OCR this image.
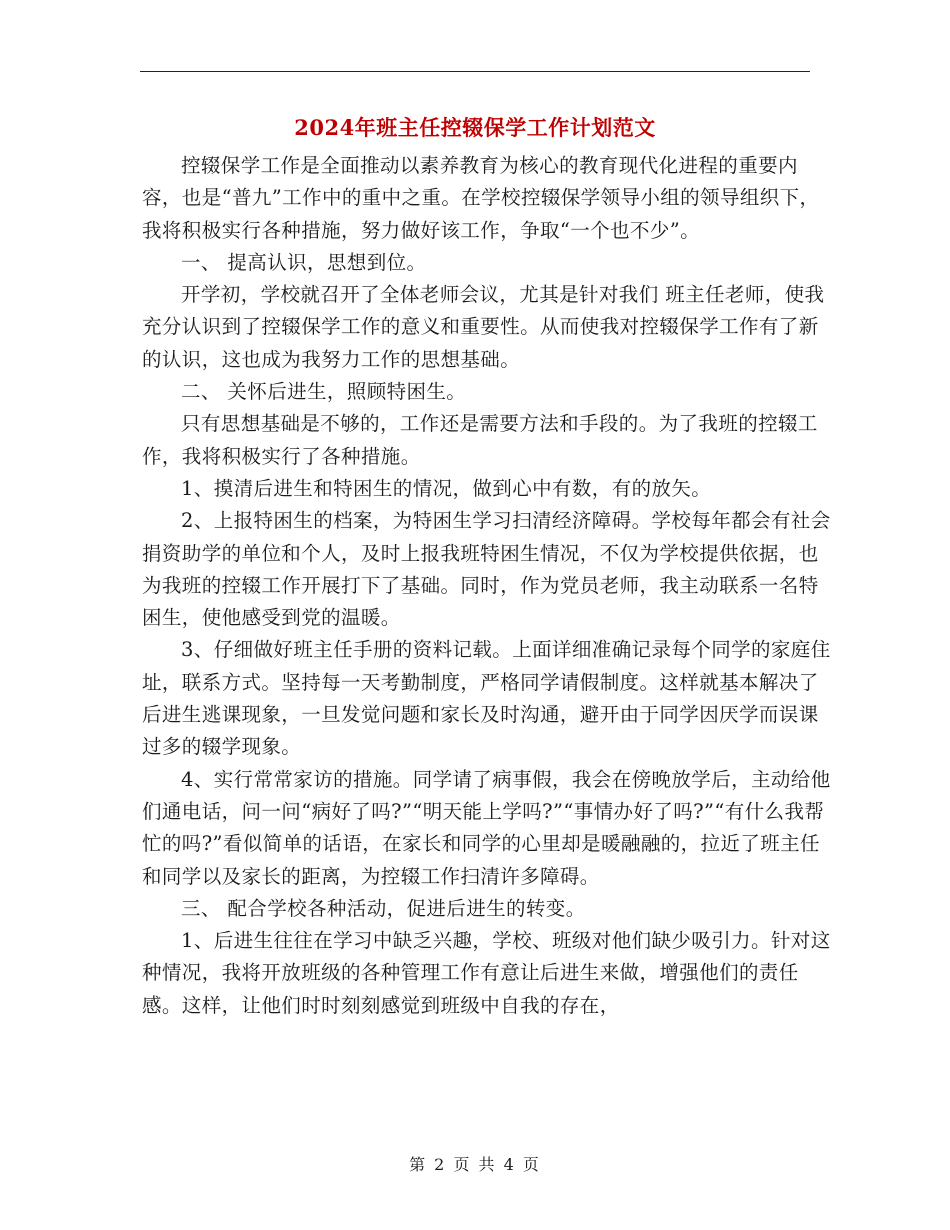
2024年班主任控辍保学工作计划范文

控辍保学工作是全面推动以素养教育为核心的教育现代化进程的重要内容，也是“普九”工作中的重中之重。在学校控辍保学领导小组的领导组织下，我将积极实行各种措施，努力做好该工作，争取“一个也不少”。

一、 提高认识，思想到位。

开学初，学校就召开了全体老师会议，尤其是针对我们 班主任老师，使我充分认识到了控辍保学工作的意义和重要性。从而使我对控辍保学工作有了新的认识，这也成为我努力工作的思想基础。

二、 关怀后进生，照顾特困生。

只有思想基础是不够的，工作还是需要方法和手段的。为了我班的控辍工作，我将积极实行了各种措施。

1、摸清后进生和特困生的情况，做到心中有数，有的放矢。

2、上报特困生的档案，为特困生学习扫清经济障碍。学校每年都会有社会捐资助学的单位和个人，及时上报我班特困生情况，不仅为学校提供依据，也为我班的控辍工作开展打下了基础。同时，作为党员老师，我主动联系一名特困生，使他感受到党的温暖。

3、仔细做好班主任手册的资料记载。上面详细准确记录每个同学的家庭住址，联系方式。坚持每一天考勤制度，严格同学请假制度。这样就基本解决了后进生逃课现象，一旦发觉问题和家长及时沟通，避开由于同学因厌学而误课过多的辍学现象。

4、实行常常家访的措施。同学请了病事假，我会在傍晚放学后，主动给他们通电话，问一问“病好了吗?”“明天能上学吗?”“事情办好了吗?”“有什么我帮忙的吗?”看似简单的话语，在家长和同学的心里却是暖融融的，拉近了班主任和同学以及家长的距离，为控辍工作扫清许多障碍。

三、 配合学校各种活动，促进后进生的转变。

1、后进生往往在学习中缺乏兴趣，学校、班级对他们缺少吸引力。针对这种情况，我将开放班级的各种管理工作有意让后进生来做，增强他们的责任感。这样，让他们时时刻刻感觉到班级中自我的存在，

第 2 页 共 4 页
